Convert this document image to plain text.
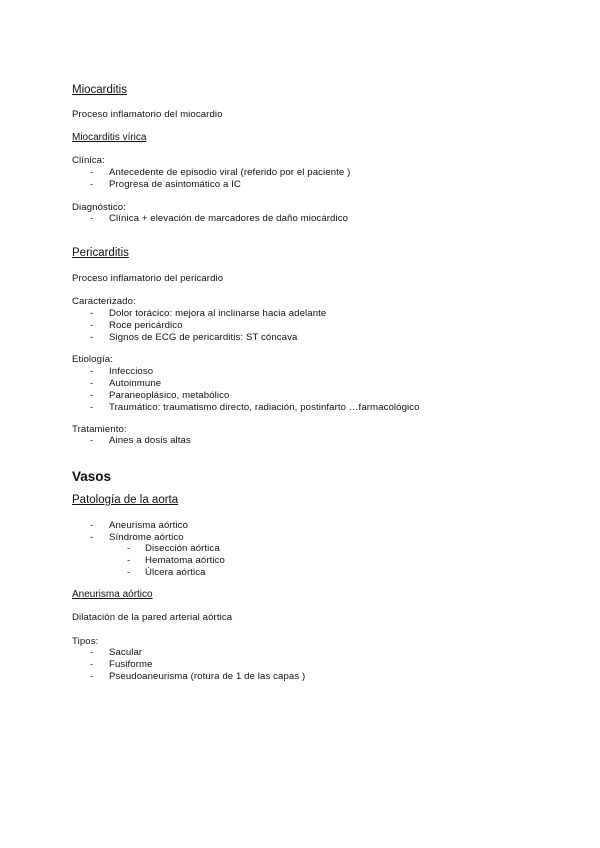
Miocarditis
Proceso inflamatorio del miocardio
Miocarditis vírica
Clínica:
- Antecedente de episodio viral (referido por el paciente )
- Progresa de asintomático a IC
Diagnóstico:
- Clínica + elevación de marcadores de daño miocárdico
Pericarditis
Proceso inflamatorio del pericardio
Caracterizado:
- Dolor torácico: mejora al inclinarse hacia adelante
- Roce pericárdico
- Signos de ECG de pericarditis: ST cóncava
Etiología:
- Infeccioso
- Autoinmune
- Paraneoplásico, metabólico
- Traumático: traumatismo directo, radiación, postinfarto …farmacológico
Tratamiento:
- Aines a dosis altas
Vasos
Patología de la aorta
- Aneurisma aórtico
- Síndrome aórtico
- Disección aórtica
- Hematoma aórtico
- Úlcera aórtica
Aneurisma aórtico
Dilatación de la pared arterial aórtica
Tipos:
- Sacular
- Fusiforme
- Pseudoaneurisma (rotura de 1 de las capas )
